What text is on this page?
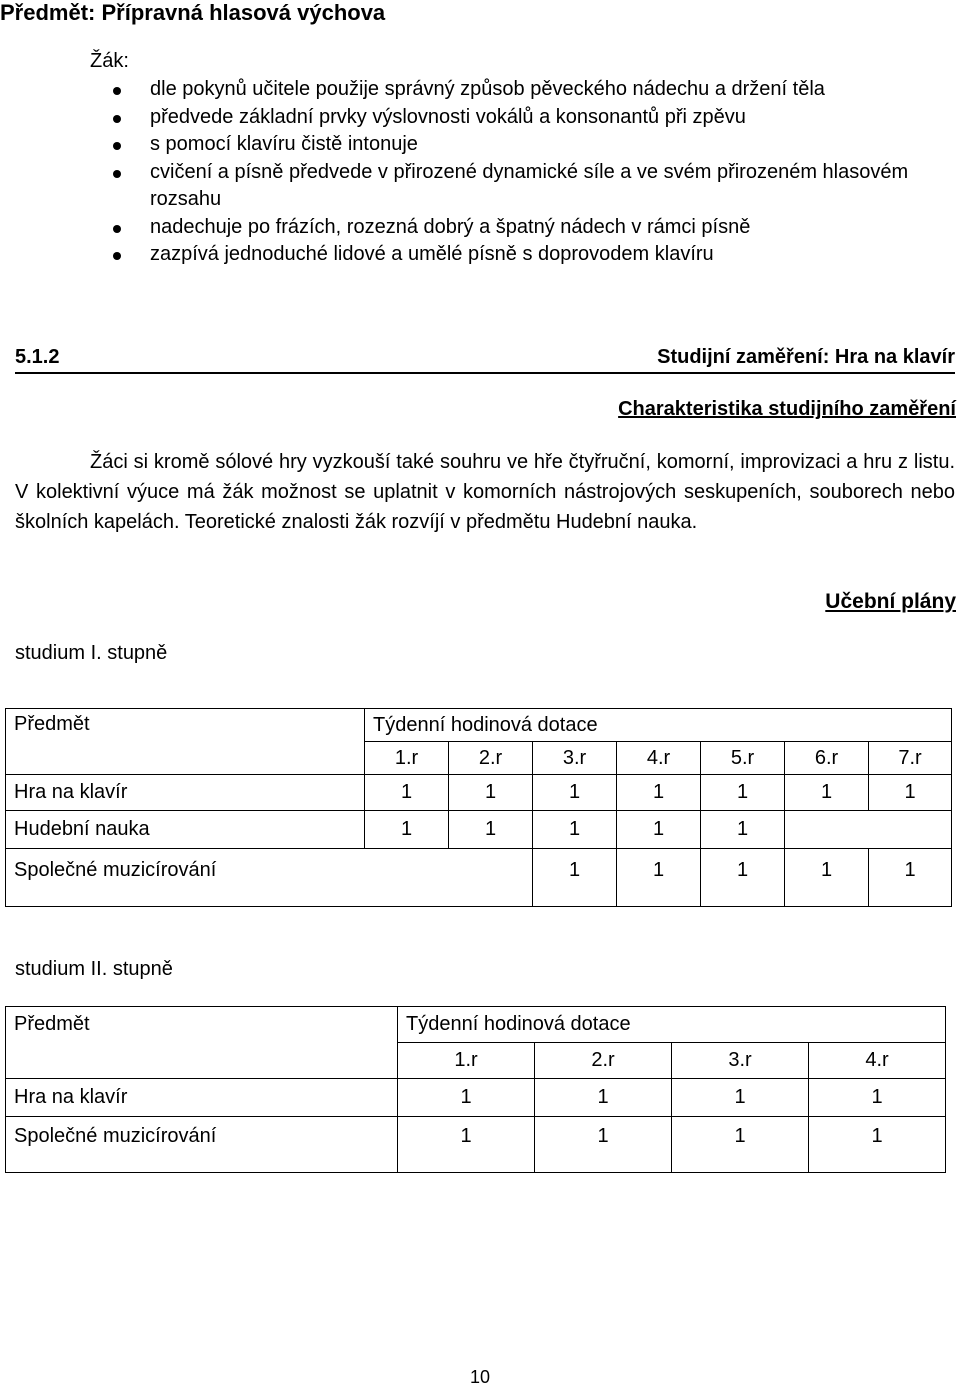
Předmět: Přípravná hlasová výchova
Žák:
dle pokynů učitele použije správný způsob pěveckého nádechu a držení těla
předvede základní prvky výslovnosti vokálů a konsonantů při zpěvu
s pomocí klavíru čistě intonuje
cvičení a písně předvede v přirozené dynamické síle a ve svém přirozeném hlasovém rozsahu
nadechuje po frázích, rozezná dobrý a špatný nádech v rámci písně
zazpívá jednoduché lidové a umělé písně s doprovodem klavíru
5.1.2	Studijní zaměření: Hra na klavír
Charakteristika studijního zaměření

Žáci si kromě sólové hry vyzkouší také souhru ve hře čtyřruční, komorní, improvizaci a hru z listu. V kolektivní výuce má žák možnost se uplatnit v komorních nástrojových seskupeních, souborech nebo školních kapelách. Teoretické znalosti žák rozvíjí v předmětu Hudební nauka.

Učební plány
studium I. stupně
Předmět	Týdenní hodinová dotace						
	1.r	2.r	3.r	4.r	5.r	6.r	7.r
Hra na klavír	1	1	1	1	1	1	1
Hudební nauka	1	1	1	1	1		
Společné muzicírování			1	1	1	1	1
studium II. stupně
Předmět	Týdenní hodinová dotace			
	1.r	2.r	3.r	4.r
Hra na klavír	1	1	1	1
Společné muzicírování	1	1	1	1
10
